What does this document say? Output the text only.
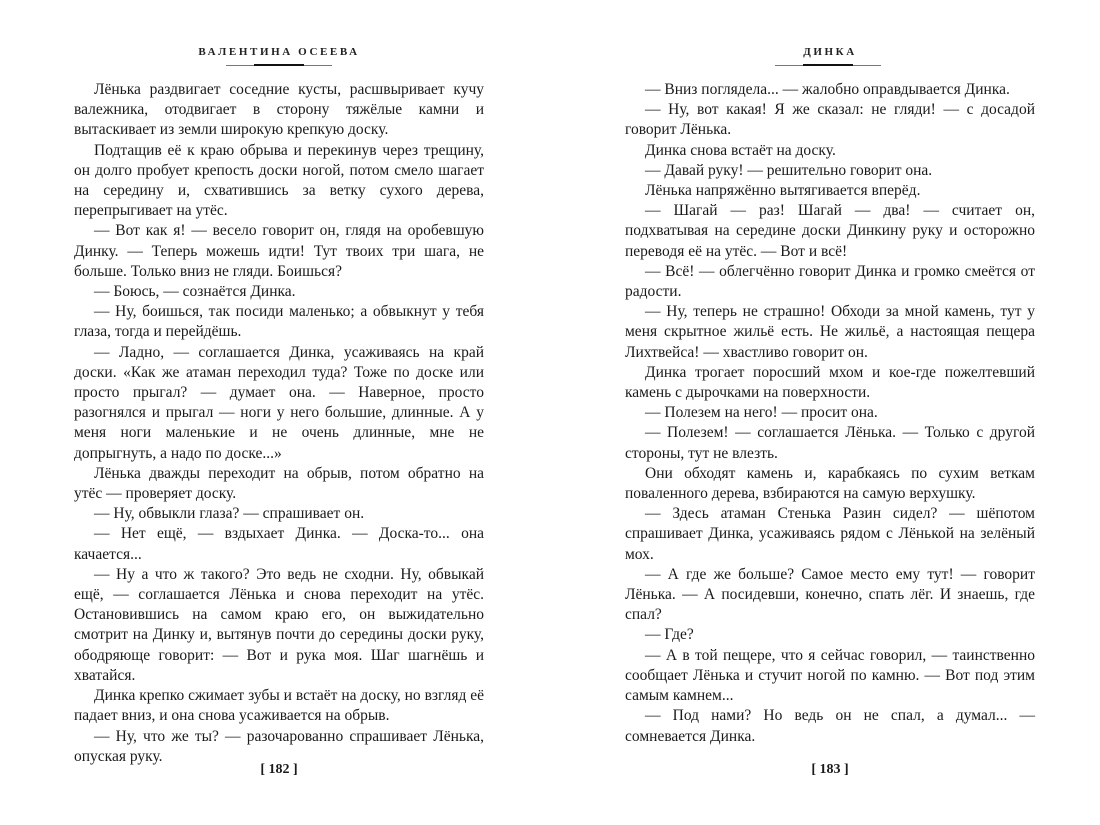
ВАЛЕНТИНА ОСЕЕВА

Лёнька раздвигает соседние кусты, расшвыривает кучу валежника, отодвигает в сторону тяжёлые камни и вытаскивает из земли широкую крепкую доску.

Подтащив её к краю обрыва и перекинув через трещину, он долго пробует крепость доски ногой, потом смело шагает на середину и, схватившись за ветку сухого дерева, перепрыгивает на утёс.

— Вот как я! — весело говорит он, глядя на оробевшую Динку. — Теперь можешь идти! Тут твоих три шага, не больше. Только вниз не гляди. Боишься?

— Боюсь, — сознаётся Динка.

— Ну, боишься, так посиди маленько; а обвыкнут у тебя глаза, тогда и перейдёшь.

— Ладно, — соглашается Динка, усаживаясь на край доски. «Как же атаман переходил туда? Тоже по доске или просто прыгал? — думает она. — Наверное, просто разогнялся и прыгал — ноги у него большие, длинные. А у меня ноги маленькие и не очень длинные, мне не допрыгнуть, а надо по доске...»

Лёнька дважды переходит на обрыв, потом обратно на утёс — проверяет доску.

— Ну, обвыкли глаза? — спрашивает он.

— Нет ещё, — вздыхает Динка. — Доска-то... она качается...

— Ну а что ж такого? Это ведь не сходни. Ну, обвыкай ещё, — соглашается Лёнька и снова переходит на утёс. Остановившись на самом краю его, он выжидательно смотрит на Динку и, вытянув почти до середины доски руку, ободряюще говорит: — Вот и рука моя. Шаг шагнёшь и хватайся.

Динка крепко сжимает зубы и встаёт на доску, но взгляд её падает вниз, и она снова усаживается на обрыв.

— Ну, что же ты? — разочарованно спрашивает Лёнька, опуская руку.

[ 182 ]
ДИНКА

— Вниз поглядела... — жалобно оправдывается Динка.

— Ну, вот какая! Я же сказал: не гляди! — с досадой говорит Лёнька.

Динка снова встаёт на доску.

— Давай руку! — решительно говорит она.

Лёнька напряжённо вытягивается вперёд.

— Шагай — раз! Шагай — два! — считает он, подхватывая на середине доски Динкину руку и осторожно переводя её на утёс. — Вот и всё!

— Всё! — облегчённо говорит Динка и громко смеётся от радости.

— Ну, теперь не страшно! Обходи за мной камень, тут у меня скрытное жильё есть. Не жильё, а настоящая пещера Лихтвейса! — хвастливо говорит он.

Динка трогает поросший мхом и кое-где пожелтевший камень с дырочками на поверхности.

— Полезем на него! — просит она.

— Полезем! — соглашается Лёнька. — Только с другой стороны, тут не влезть.

Они обходят камень и, карабкаясь по сухим веткам поваленного дерева, взбираются на самую верхушку.

— Здесь атаман Стенька Разин сидел? — шёпотом спрашивает Динка, усаживаясь рядом с Лёнькой на зелёный мох.

— А где же больше? Самое место ему тут! — говорит Лёнька. — А посидевши, конечно, спать лёг. И знаешь, где спал?

— Где?

— А в той пещере, что я сейчас говорил, — таинственно сообщает Лёнька и стучит ногой по камню. — Вот под этим самым камнем...

— Под нами? Но ведь он не спал, а думал... — сомневается Динка.

[ 183 ]
